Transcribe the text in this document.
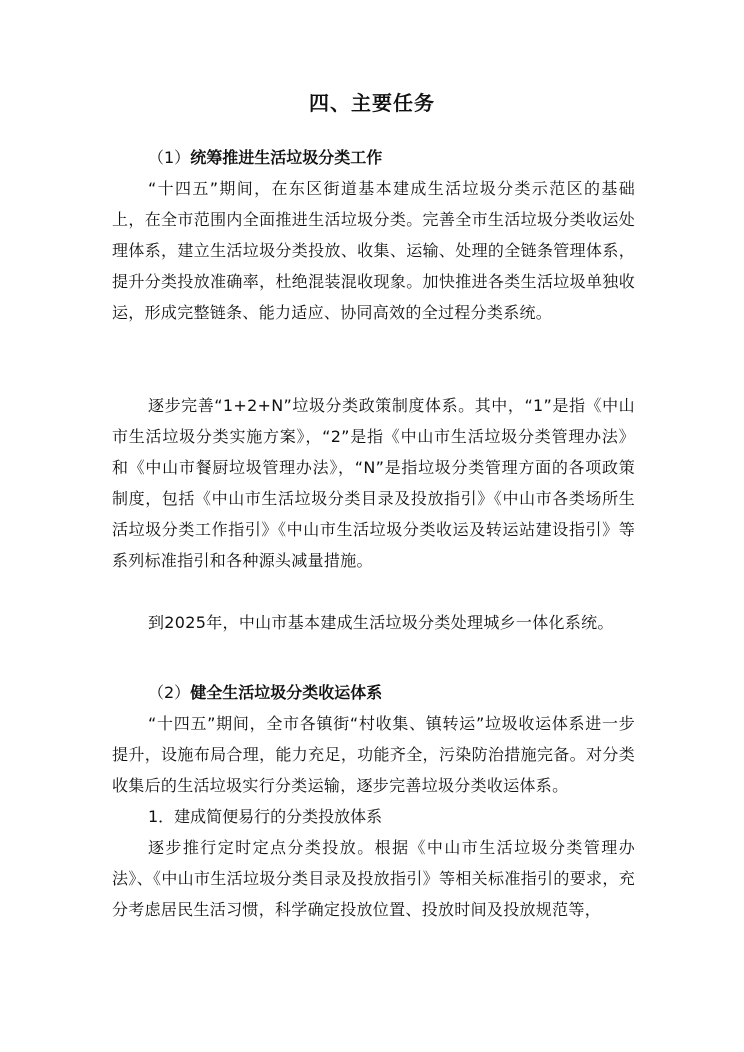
四、主要任务
（1）统筹推进生活垃圾分类工作

“十四五”期间，在东区街道基本建成生活垃圾分类示范区的基础上，在全市范围内全面推进生活垃圾分类。完善全市生活垃圾分类收运处理体系，建立生活垃圾分类投放、收集、运输、处理的全链条管理体系，提升分类投放准确率，杜绝混装混收现象。加快推进各类生活垃圾单独收运，形成完整链条、能力适应、协同高效的全过程分类系统。

逐步完善“1+2+N”垃圾分类政策制度体系。其中，“1”是指《中山市生活垃圾分类实施方案》，“2”是指《中山市生活垃圾分类管理办法》和《中山市餐厨垃圾管理办法》，“N”是指垃圾分类管理方面的各项政策制度，包括《中山市生活垃圾分类目录及投放指引》《中山市各类场所生活垃圾分类工作指引》《中山市生活垃圾分类收运及转运站建设指引》等系列标准指引和各种源头减量措施。

到2025年，中山市基本建成生活垃圾分类处理城乡一体化系统。

（2）健全生活垃圾分类收运体系

“十四五”期间，全市各镇街“村收集、镇转运”垃圾收运体系进一步提升，设施布局合理，能力充足，功能齐全，污染防治措施完备。对分类收集后的生活垃圾实行分类运输，逐步完善垃圾分类收运体系。

1．建成简便易行的分类投放体系

逐步推行定时定点分类投放。根据《中山市生活垃圾分类管理办法》、《中山市生活垃圾分类目录及投放指引》等相关标准指引的要求，充分考虑居民生活习惯，科学确定投放位置、投放时间及投放规范等，
